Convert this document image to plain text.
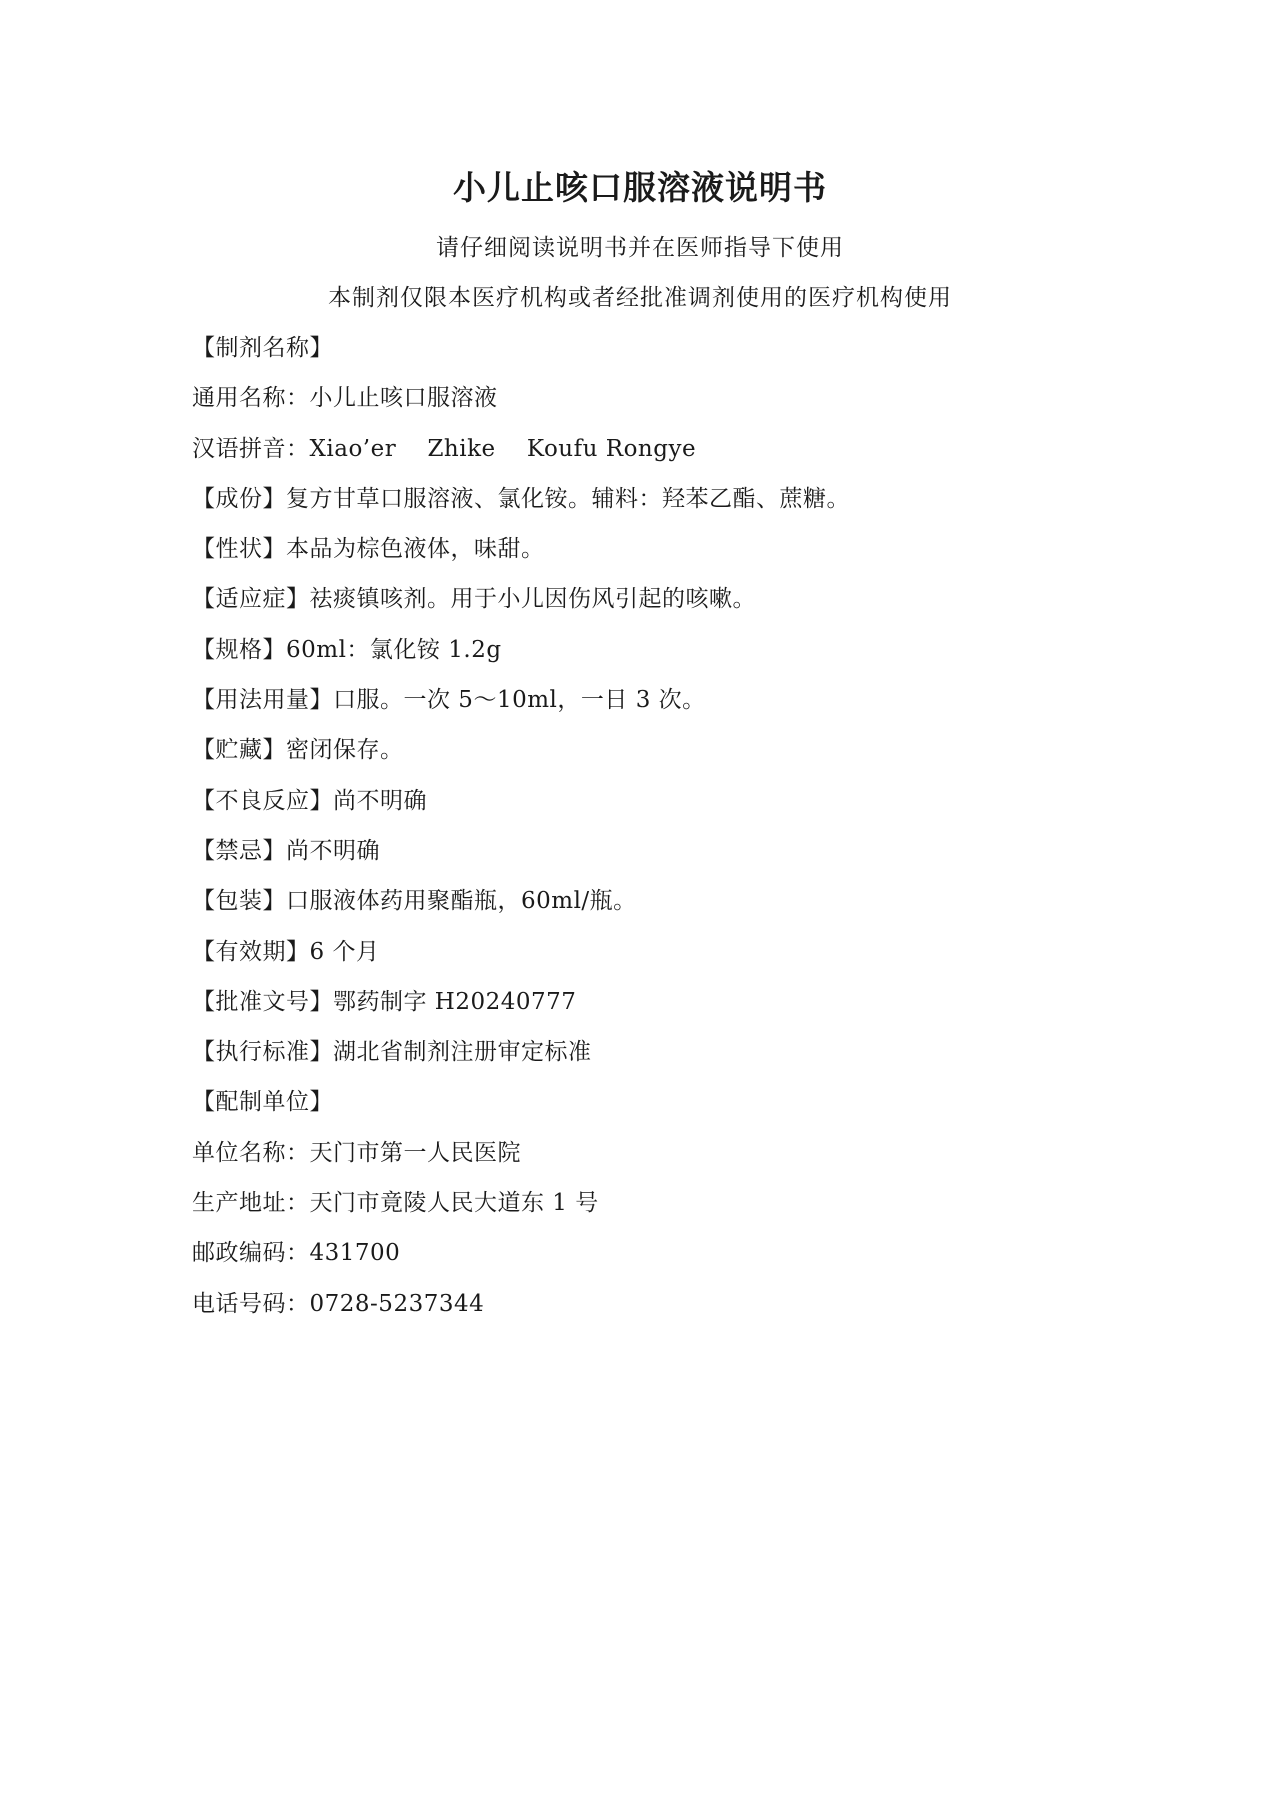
小儿止咳口服溶液说明书
请仔细阅读说明书并在医师指导下使用
本制剂仅限本医疗机构或者经批准调剂使用的医疗机构使用
【制剂名称】
通用名称：小儿止咳口服溶液
汉语拼音：Xiao’er    Zhike    Koufu Rongye
【成份】复方甘草口服溶液、氯化铵。辅料：羟苯乙酯、蔗糖。
【性状】本品为棕色液体，味甜。
【适应症】祛痰镇咳剂。用于小儿因伤风引起的咳嗽。
【规格】60ml：氯化铵 1.2g
【用法用量】口服。一次 5～10ml，一日 3 次。
【贮藏】密闭保存。
【不良反应】尚不明确
【禁忌】尚不明确
【包装】口服液体药用聚酯瓶，60ml/瓶。
【有效期】6 个月
【批准文号】鄂药制字 H20240777
【执行标准】湖北省制剂注册审定标准
【配制单位】
单位名称：天门市第一人民医院
生产地址：天门市竟陵人民大道东 1 号
邮政编码：431700
电话号码：0728-5237344
